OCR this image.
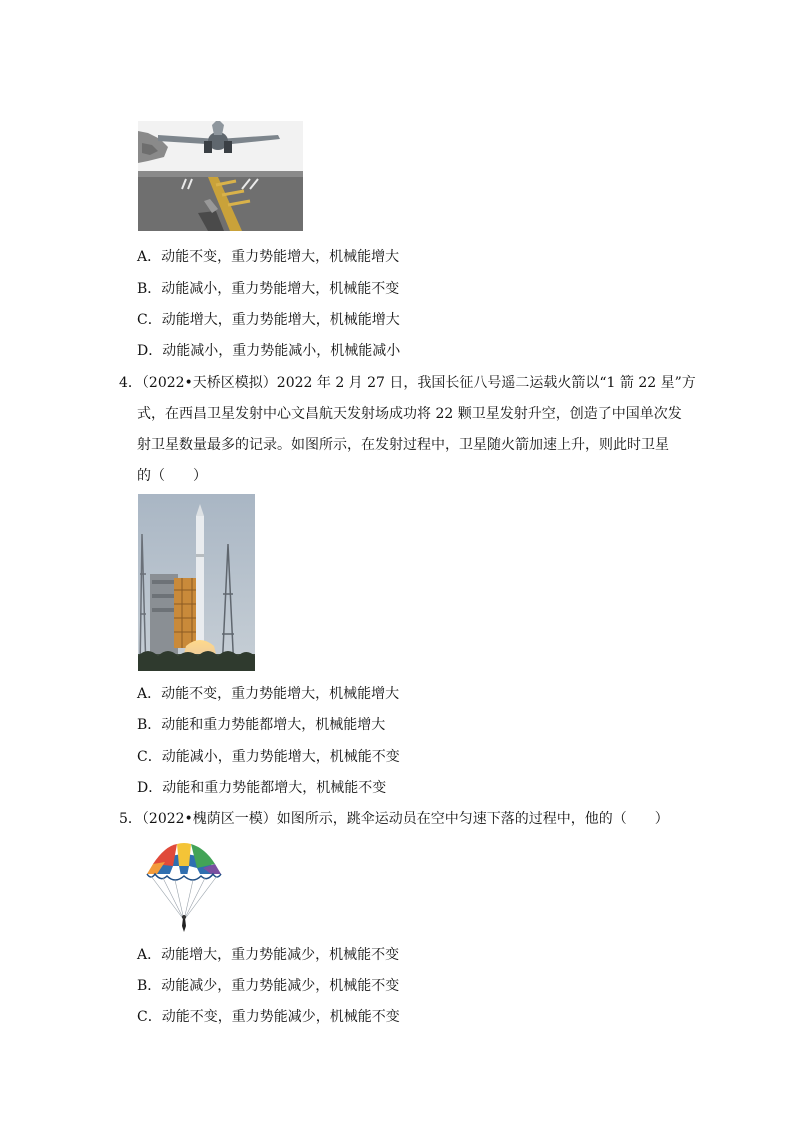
A．动能不变，重力势能增大，机械能增大
B．动能减小，重力势能增大，机械能不变
C．动能增大，重力势能增大，机械能增大
D．动能减小，重力势能减小，机械能减小
4．（2022•天桥区模拟）2022 年 2 月 27 日，我国长征八号遥二运载火箭以“1 箭 22 星”方
式，在西昌卫星发射中心文昌航天发射场成功将 22 颗卫星发射升空，创造了中国单次发
射卫星数量最多的记录。如图所示，在发射过程中，卫星随火箭加速上升，则此时卫星
的（　　）
A．动能不变，重力势能增大，机械能增大
B．动能和重力势能都增大，机械能增大
C．动能减小，重力势能增大，机械能不变
D．动能和重力势能都增大，机械能不变
5．（2022•槐荫区一模）如图所示，跳伞运动员在空中匀速下落的过程中，他的（　　）
A．动能增大，重力势能减少，机械能不变
B．动能减少，重力势能减少，机械能不变
C．动能不变，重力势能减少，机械能不变
